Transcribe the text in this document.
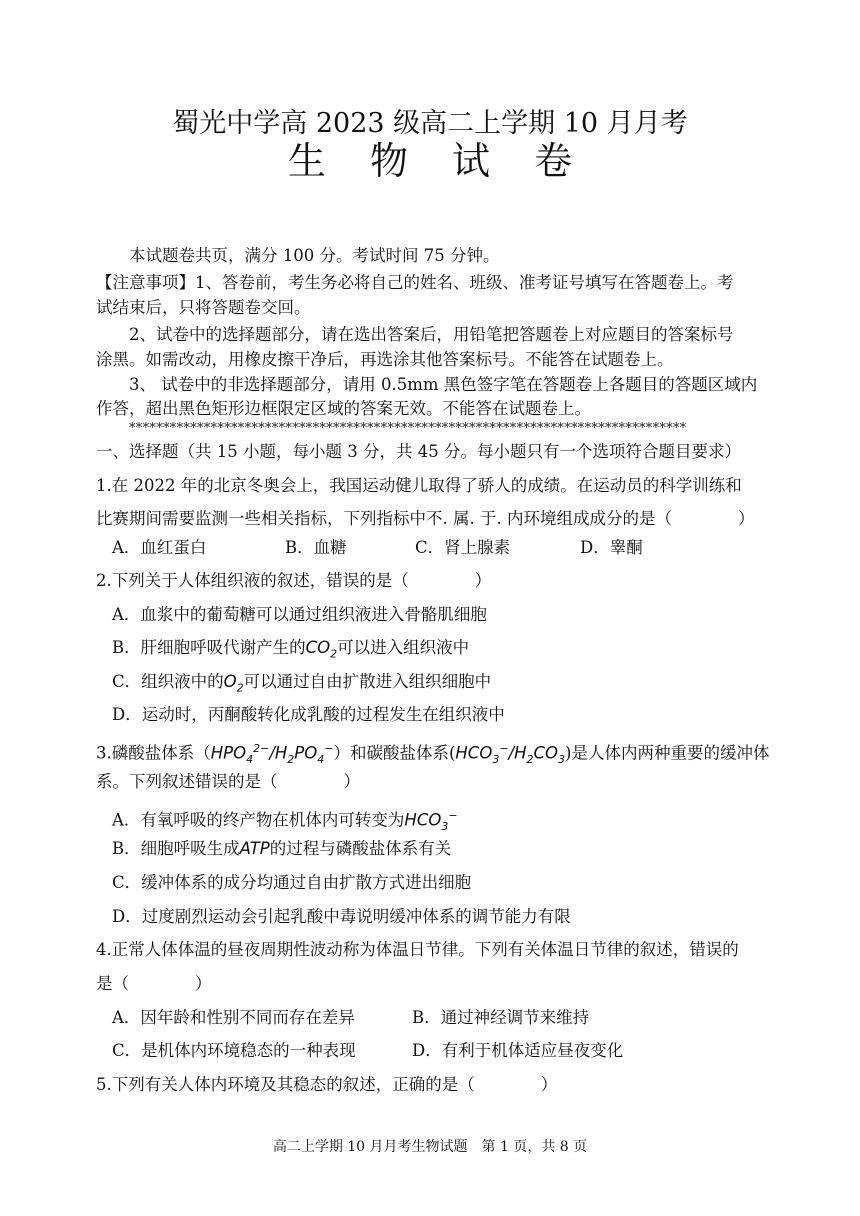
蜀光中学高 2023 级高二上学期 10 月月考
生 物 试 卷
本试题卷共页，满分 100 分。考试时间 75 分钟。
【注意事项】1、答卷前，考生务必将自己的姓名、班级、准考证号填写在答题卷上。考
试结束后，只将答题卷交回。
2、试卷中的选择题部分，请在选出答案后，用铅笔把答题卷上对应题目的答案标号
涂黑。如需改动，用橡皮擦干净后，再选涂其他答案标号。不能答在试题卷上。
3、 试卷中的非选择题部分，请用 0.5mm 黑色签字笔在答题卷上各题目的答题区域内
作答，超出黑色矩形边框限定区域的答案无效。不能答在试题卷上。
**********************************************************************************
一、选择题（共 15 小题，每小题 3 分，共 45 分。每小题只有一个选项符合题目要求）
1.在 2022 年的北京冬奥会上，我国运动健儿取得了骄人的成绩。在运动员的科学训练和
比赛期间需要监测一些相关指标，下列指标中不. 属. 于. 内环境组成成分的是（　　　　）
A．血红蛋白	B．血糖	C．肾上腺素	D．睾酮
2.下列关于人体组织液的叙述，错误的是（　　　　）
A．血浆中的葡萄糖可以通过组织液进入骨骼肌细胞
B．肝细胞呼吸代谢产生的$CO_2$可以进入组织液中
C．组织液中的$O_2$可以通过自由扩散进入组织细胞中
D．运动时，丙酮酸转化成乳酸的过程发生在组织液中
3.磷酸盐体系$(HPO_4^{2-}/H_2PO_4^-)$和碳酸盐体系$(HCO_3^-/H_2CO_3)$是人体内两种重要的缓冲体
系。下列叙述错误的是（　　　　）
A．有氧呼吸的终产物在机体内可转变为$HCO_3^-$
B．细胞呼吸生成ATP的过程与磷酸盐体系有关
C．缓冲体系的成分均通过自由扩散方式进出细胞
D．过度剧烈运动会引起乳酸中毒说明缓冲体系的调节能力有限
4.正常人体体温的昼夜周期性波动称为体温日节律。下列有关体温日节律的叙述，错误的
是（　　　　）
A．因年龄和性别不同而存在差异	B．通过神经调节来维持
C．是机体内环境稳态的一种表现	D．有利于机体适应昼夜变化
5.下列有关人体内环境及其稳态的叙述，正确的是（　　　　）
高二上学期 10 月月考生物试题　第 1 页，共 8 页
